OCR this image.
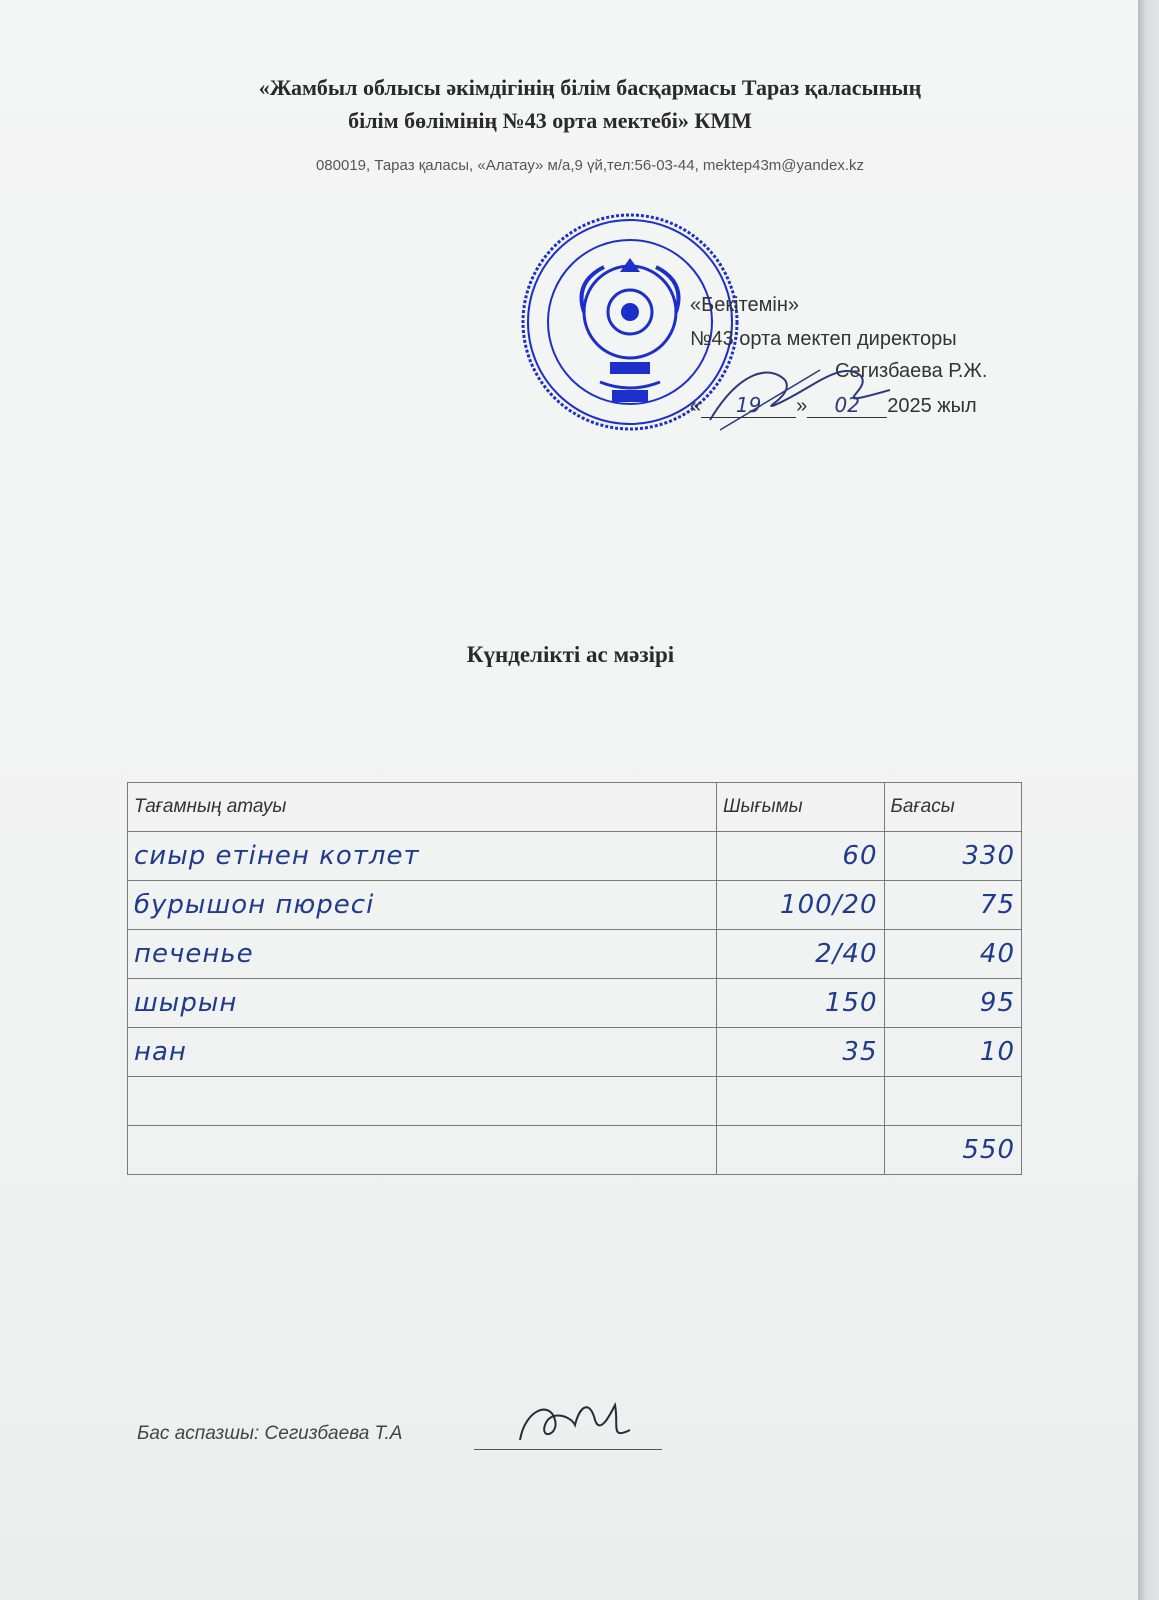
«Жамбыл облысы әкімдігінің білім басқармасы Тараз қаласының
білім бөлімінің №43 орта мектебі» КММ
080019, Тараз қаласы, «Алатау» м/а,9 үй,тел:56-03-44, mektep43m@yandex.kz
«Бекітемін»
№43 орта мектеп директоры
Сегизбаева Р.Ж.
« 19 » 02 2025 жыл
Күнделікті ас мәзірі
Тағамның атауы	Шығымы	Бағасы
сиыр етінен котлет	60	330
бурышон пюресі	100/20	75
печенье	2/40	40
шырын	150	95
нан	35	10

		550
Бас аспазшы: Сегизбаева Т.А
